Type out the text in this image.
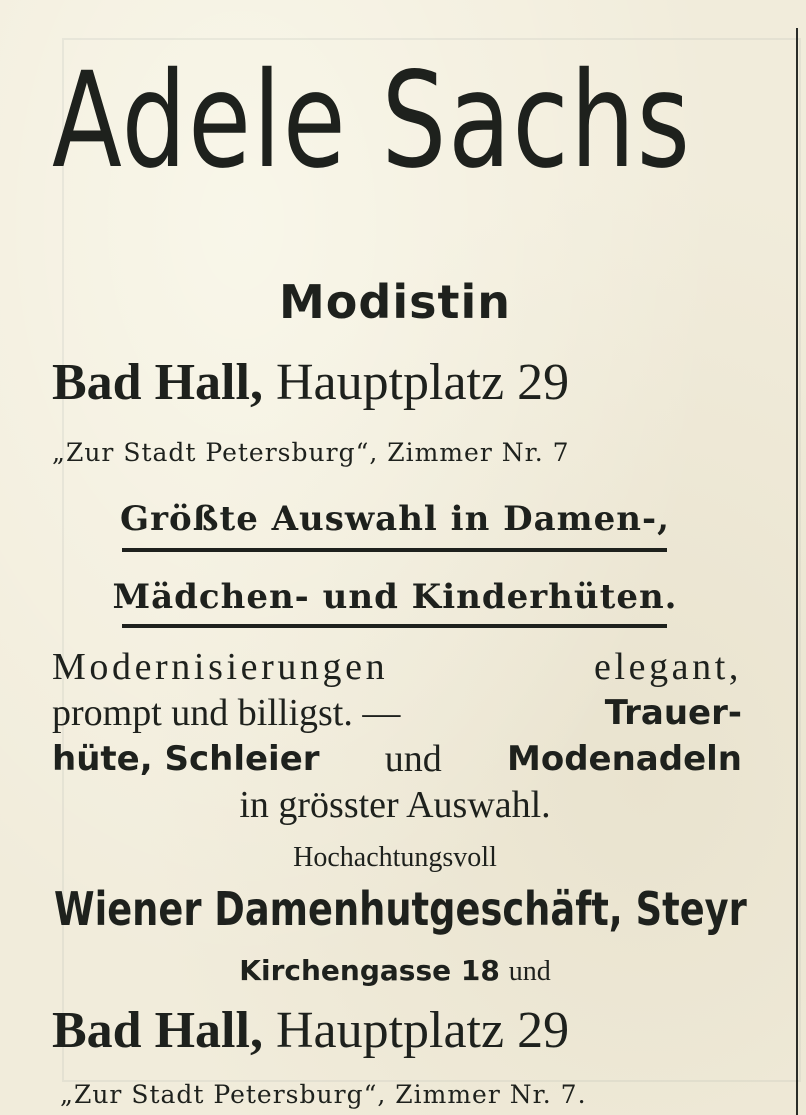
Adele Sachs
Modistin
Bad Hall, Hauptplatz 29
„Zur Stadt Petersburg“, Zimmer Nr. 7
Größte Auswahl in Damen-,
Mädchen- und Kinderhüten.
Modernisierungen	elegant,
prompt und billigst. —	Trauer-
hüte, Schleier und Modenadeln
in grösster Auswahl.
Hochachtungsvoll
Wiener Damenhutgeschäft, Steyr
Kirchengasse 18 und
Bad Hall, Hauptplatz 29
„Zur Stadt Petersburg“, Zimmer Nr. 7.
